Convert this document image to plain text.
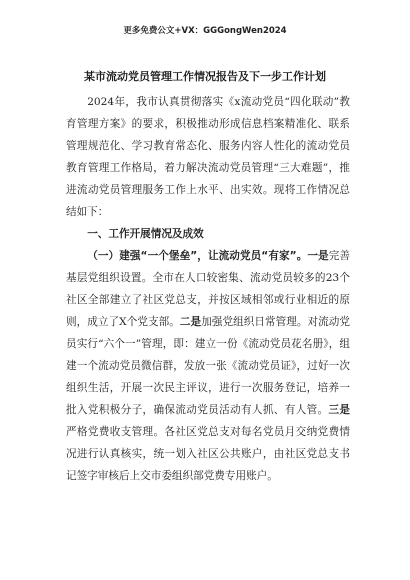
更多免费公文+VX：GGGongWen2024
某市流动党员管理工作情况报告及下一步工作计划

2024年，我市认真贯彻落实《x流动党员“四化联动”教育管理方案》的要求，积极推动形成信息档案精准化、联系管理规范化、学习教育常态化、服务内容人性化的流动党员教育管理工作格局，着力解决流动党员管理“三大难题”，推进流动党员管理服务工作上水平、出实效。现将工作情况总结如下：

一、工作开展情况及成效

（一）建强“一个堡垒”，让流动党员“有家”。一是完善基层党组织设置。全市在人口较密集、流动党员较多的23个社区全部建立了社区党总支，并按区域相邻或行业相近的原则，成立了X个党支部。二是加强党组织日常管理。对流动党员实行“六个一”管理，即：建立一份《流动党员花名册》，组建一个流动党员微信群，发放一张《流动党员证》，过好一次组织生活，开展一次民主评议，进行一次服务登记，培养一批入党积极分子，确保流动党员活动有人抓、有人管。三是严格党费收支管理。各社区党总支对每名党员月交纳党费情况进行认真核实，统一划入社区公共账户，由社区党总支书记签字审核后上交市委组织部党费专用账户。
